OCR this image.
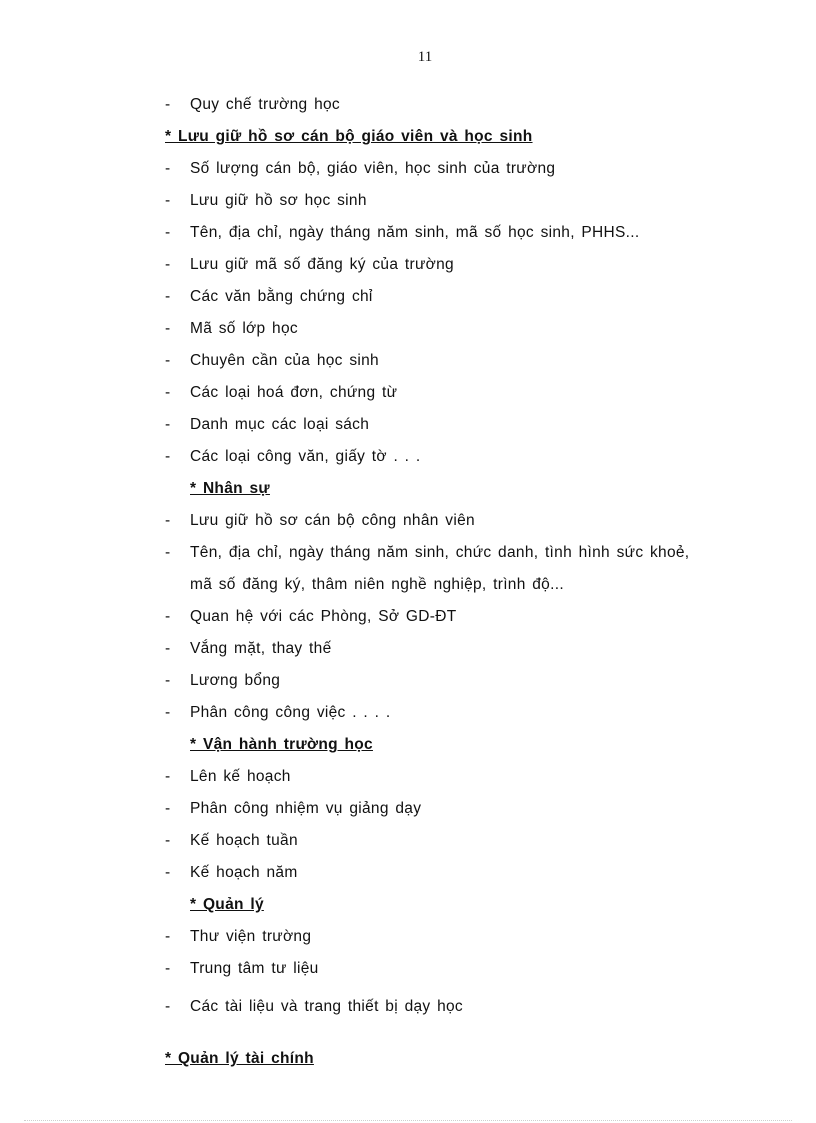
11
- Quy chế trường học
* Lưu giữ hồ sơ cán bộ giáo viên và học sinh
- Số lượng cán bộ, giáo viên, học sinh của trường
- Lưu giữ hồ sơ học sinh
- Tên, địa chỉ, ngày tháng năm sinh, mã số học sinh, PHHS...
- Lưu giữ mã số đăng ký của trường
- Các văn bằng chứng chỉ
- Mã số lớp học
- Chuyên cần của học sinh
- Các loại hoá đơn, chứng từ
- Danh mục các loại sách
- Các loại công văn, giấy tờ . . .
* Nhân sự
- Lưu giữ hồ sơ cán bộ công nhân viên
- Tên, địa chỉ, ngày tháng năm sinh, chức danh, tình hình sức khoẻ,
mã số đăng ký, thâm niên nghề nghiệp, trình độ...
- Quan hệ với các Phòng, Sở GD-ĐT
- Vắng mặt, thay thế
- Lương bổng
- Phân công công việc . . . .
* Vận hành trường học
- Lên kế hoạch
- Phân công nhiệm vụ giảng dạy
- Kế hoạch tuần
- Kế hoạch năm
* Quản lý
- Thư viện trường
- Trung tâm tư liệu
- Các tài liệu và trang thiết bị dạy học
* Quản lý tài chính
